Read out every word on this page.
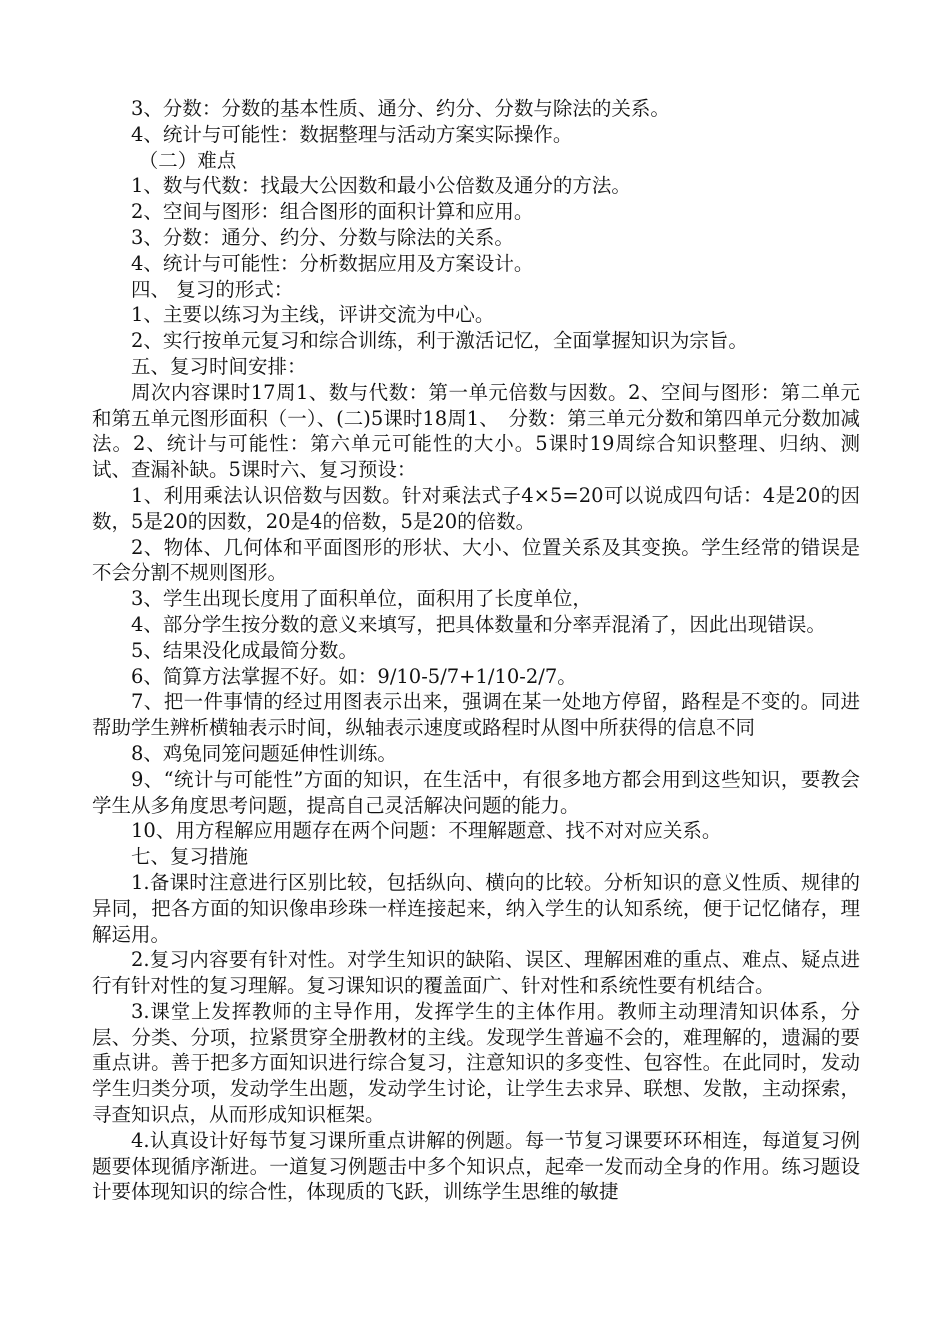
3、分数：分数的基本性质、通分、约分、分数与除法的关系。

4、统计与可能性：数据整理与活动方案实际操作。

（二）难点

1、数与代数：找最大公因数和最小公倍数及通分的方法。

2、空间与图形：组合图形的面积计算和应用。

3、分数：通分、约分、分数与除法的关系。

4、统计与可能性：分析数据应用及方案设计。

四、 复习的形式：

1、主要以练习为主线，评讲交流为中心。

2、实行按单元复习和综合训练，利于激活记忆，全面掌握知识为宗旨。

五、复习时间安排：

周次内容课时17周1、数与代数：第一单元倍数与因数。2、空间与图形：第二单元和第五单元图形面积（一）、(二)5课时18周1、　分数：第三单元分数和第四单元分数加减法。2、统计与可能性：第六单元可能性的大小。5课时19周综合知识整理、归纳、测试、查漏补缺。5课时六、复习预设：

1、利用乘法认识倍数与因数。针对乘法式子4×5=20可以说成四句话：4是20的因数，5是20的因数，20是4的倍数，5是20的倍数。

2、物体、几何体和平面图形的形状、大小、位置关系及其变换。学生经常的错误是不会分割不规则图形。

3、学生出现长度用了面积单位，面积用了长度单位，

4、部分学生按分数的意义来填写，把具体数量和分率弄混淆了，因此出现错误。

5、结果没化成最简分数。

6、简算方法掌握不好。如：9/10-5/7+1/10-2/7。

7、把一件事情的经过用图表示出来，强调在某一处地方停留，路程是不变的。同进帮助学生辨析横轴表示时间，纵轴表示速度或路程时从图中所获得的信息不同

8、鸡兔同笼问题延伸性训练。

9、“统计与可能性”方面的知识，在生活中，有很多地方都会用到这些知识，要教会学生从多角度思考问题，提高自己灵活解决问题的能力。

10、用方程解应用题存在两个问题：不理解题意、找不对对应关系。

七、复习措施

1.备课时注意进行区别比较，包括纵向、横向的比较。分析知识的意义性质、规律的异同，把各方面的知识像串珍珠一样连接起来，纳入学生的认知系统，便于记忆储存，理解运用。

2.复习内容要有针对性。对学生知识的缺陷、误区、理解困难的重点、难点、疑点进行有针对性的复习理解。复习课知识的覆盖面广、针对性和系统性要有机结合。

3.课堂上发挥教师的主导作用，发挥学生的主体作用。教师主动理清知识体系，分层、分类、分项，拉紧贯穿全册教材的主线。发现学生普遍不会的，难理解的，遗漏的要重点讲。善于把多方面知识进行综合复习，注意知识的多变性、包容性。在此同时，发动学生归类分项，发动学生出题，发动学生讨论，让学生去求异、联想、发散，主动探索，寻查知识点，从而形成知识框架。

4.认真设计好每节复习课所重点讲解的例题。每一节复习课要环环相连，每道复习例题要体现循序渐进。一道复习例题击中多个知识点，起牵一发而动全身的作用。练习题设计要体现知识的综合性，体现质的飞跃，训练学生思维的敏捷
